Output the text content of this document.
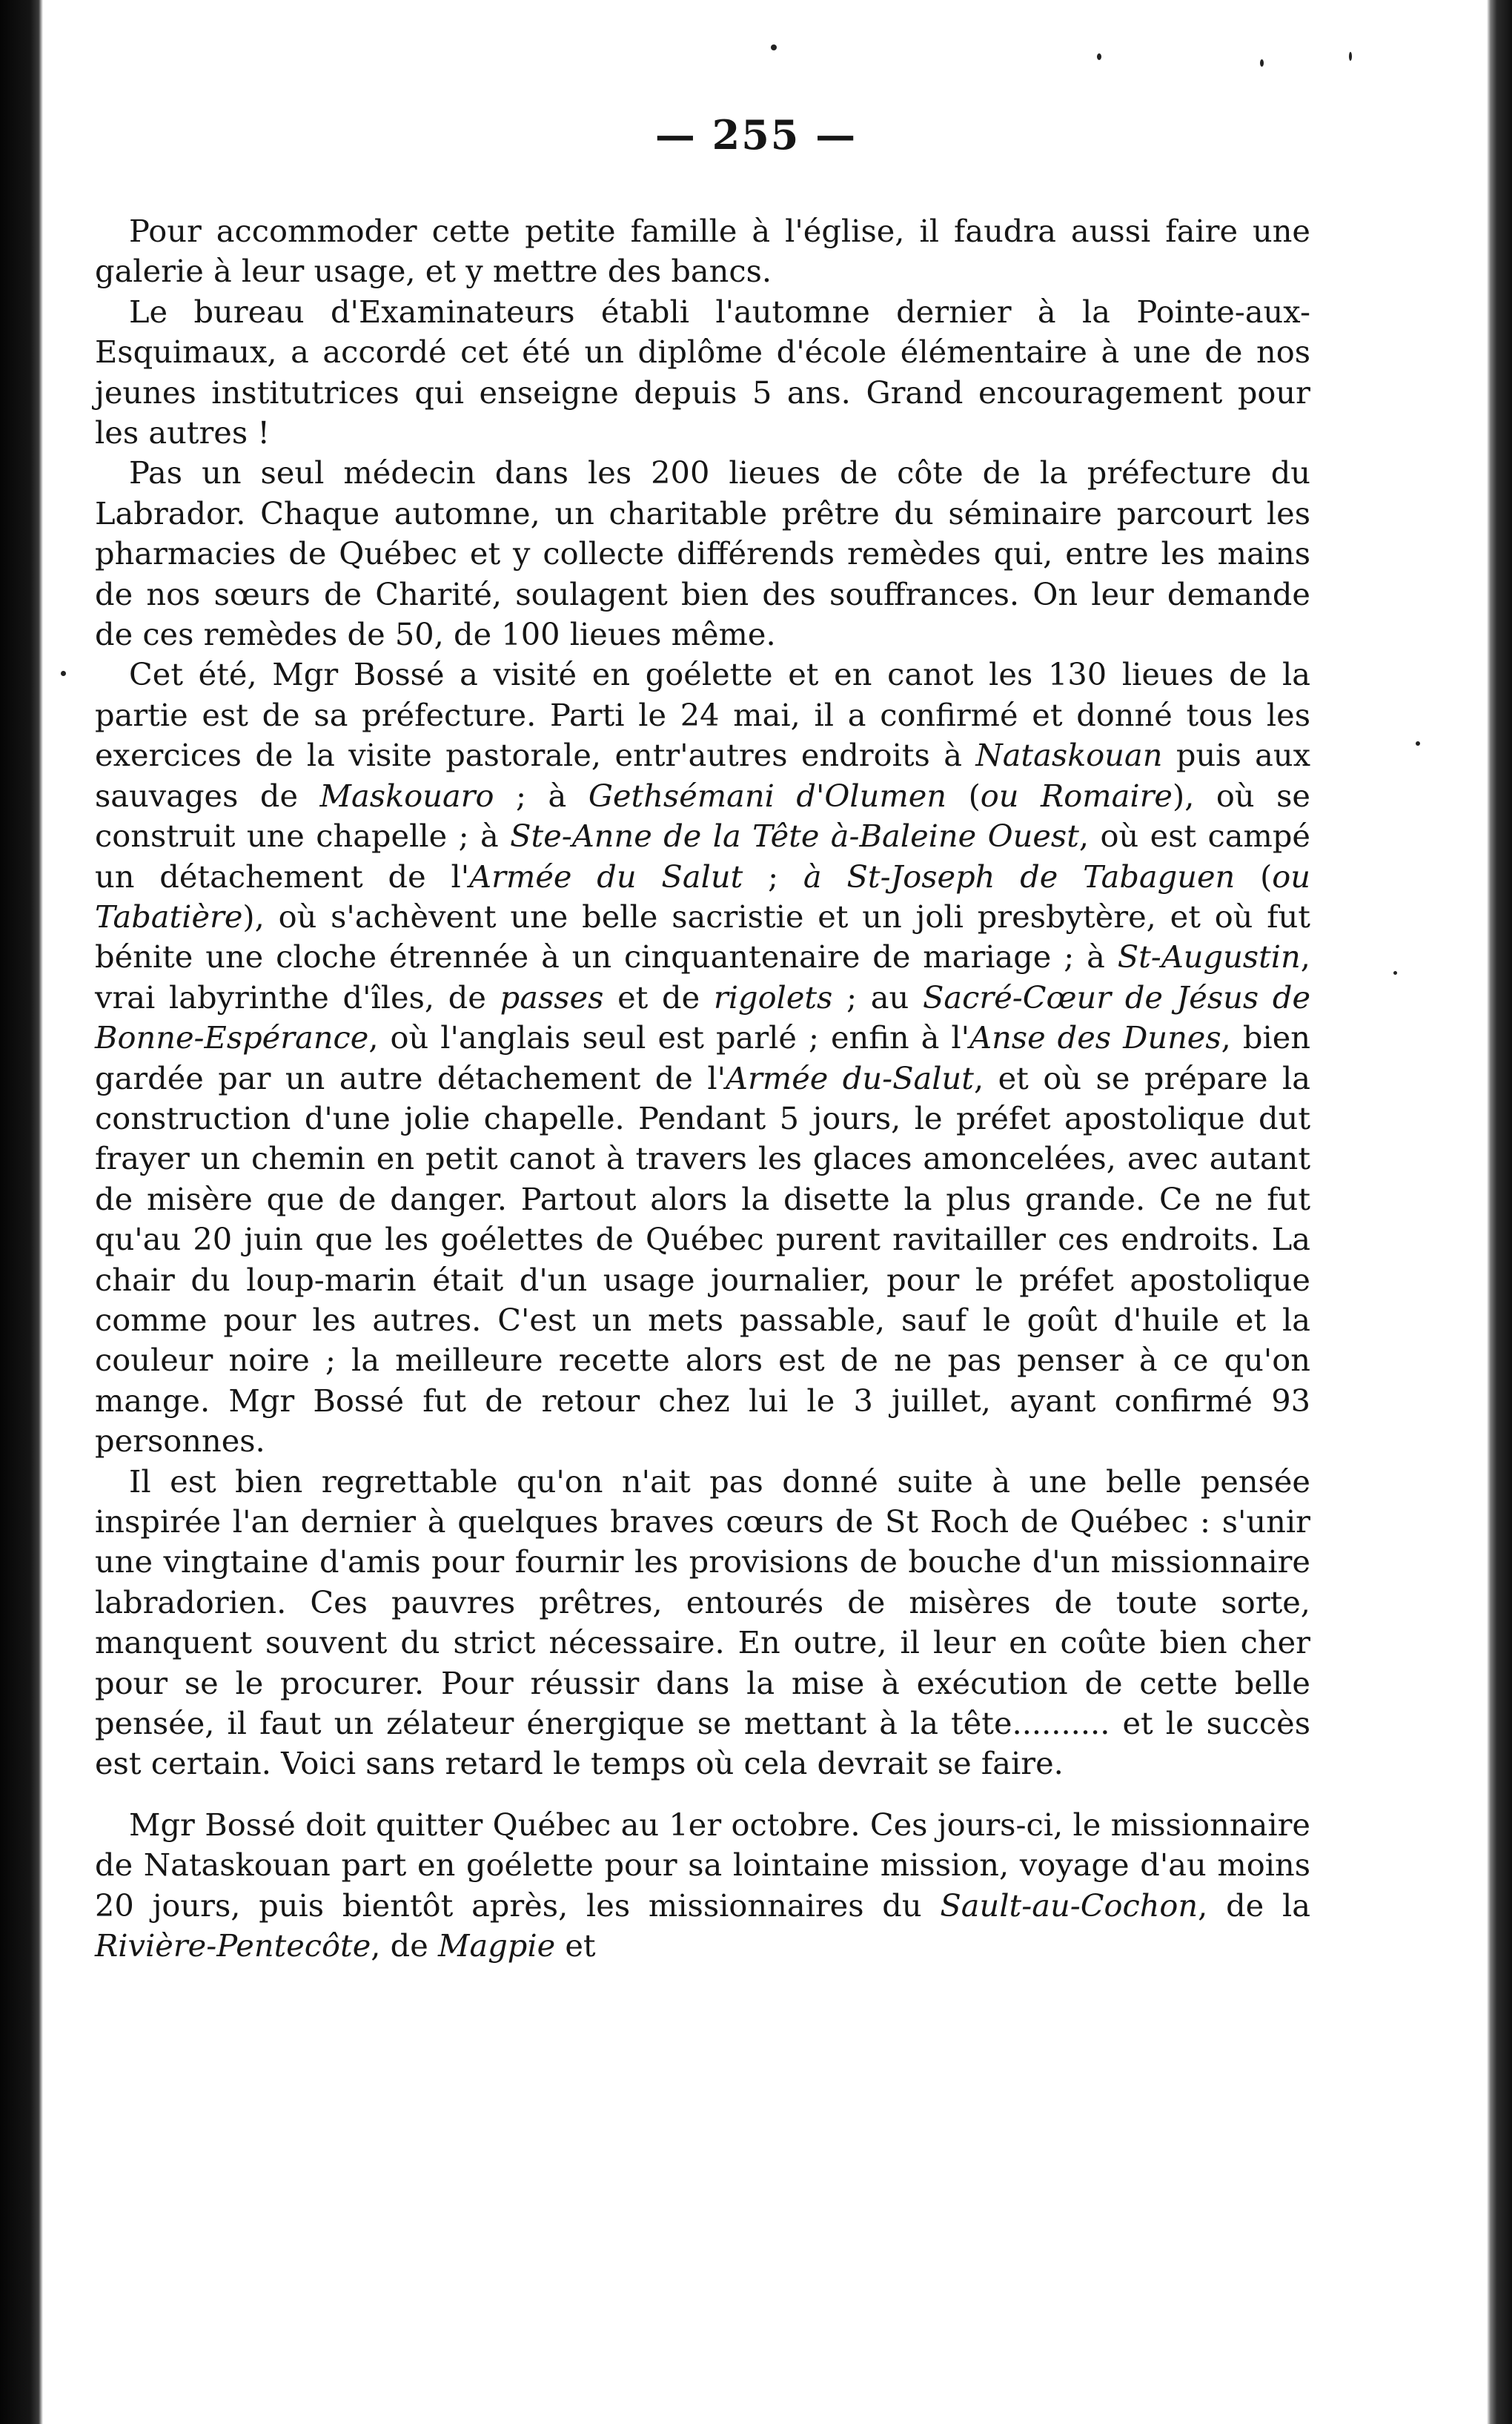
— 255 —

Pour accommoder cette petite famille à l'église, il faudra aussi faire une galerie à leur usage, et y mettre des bancs.

Le bureau d'Examinateurs établi l'automne dernier à la Pointe-aux-Esquimaux, a accordé cet été un diplôme d'école élémentaire à une de nos jeunes institutrices qui enseigne depuis 5 ans. Grand encouragement pour les autres !

Pas un seul médecin dans les 200 lieues de côte de la préfecture du Labrador. Chaque automne, un charitable prêtre du séminaire parcourt les pharmacies de Québec et y collecte différends remèdes qui, entre les mains de nos sœurs de Charité, soulagent bien des souffrances. On leur demande de ces remèdes de 50, de 100 lieues même.

Cet été, Mgr Bossé a visité en goélette et en canot les 130 lieues de la partie est de sa préfecture. Parti le 24 mai, il a confirmé et donné tous les exercices de la visite pastorale, entr'autres endroits à Nataskouan puis aux sauvages de Maskouaro ; à Gethsémani d'Olumen (ou Romaire), où se construit une chapelle ; à Ste-Anne de la Tête à-Baleine Ouest, où est campé un détachement de l'Armée du Salut ; à St-Joseph de Tabaguen (ou Tabatière), où s'achèvent une belle sacristie et un joli presbytère, et où fut bénite une cloche étrennée à un cinquantenaire de mariage ; à St-Augustin, vrai labyrinthe d'îles, de passes et de rigolets ; au Sacré-Cœur de Jésus de Bonne-Espérance, où l'anglais seul est parlé ; enfin à l'Anse des Dunes, bien gardée par un autre détachement de l'Armée du-Salut, et où se prépare la construction d'une jolie chapelle. Pendant 5 jours, le préfet apostolique dut frayer un chemin en petit canot à travers les glaces amoncelées, avec autant de misère que de danger. Partout alors la disette la plus grande. Ce ne fut qu'au 20 juin que les goélettes de Québec purent ravitailler ces endroits. La chair du loup-marin était d'un usage journalier, pour le préfet apostolique comme pour les autres. C'est un mets passable, sauf le goût d'huile et la couleur noire ; la meilleure recette alors est de ne pas penser à ce qu'on mange. Mgr Bossé fut de retour chez lui le 3 juillet, ayant confirmé 93 personnes.

Il est bien regrettable qu'on n'ait pas donné suite à une belle pensée inspirée l'an dernier à quelques braves cœurs de St Roch de Québec : s'unir une vingtaine d'amis pour fournir les provisions de bouche d'un missionnaire labradorien. Ces pauvres prêtres, entourés de misères de toute sorte, manquent souvent du strict nécessaire. En outre, il leur en coûte bien cher pour se le procurer. Pour réussir dans la mise à exécution de cette belle pensée, il faut un zélateur énergique se mettant à la tête.......... et le succès est certain. Voici sans retard le temps où cela devrait se faire.

Mgr Bossé doit quitter Québec au 1er octobre. Ces jours-ci, le missionnaire de Nataskouan part en goélette pour sa lointaine mission, voyage d'au moins 20 jours, puis bientôt après, les missionnaires du Sault-au-Cochon, de la Rivière-Pentecôte, de Magpie et
